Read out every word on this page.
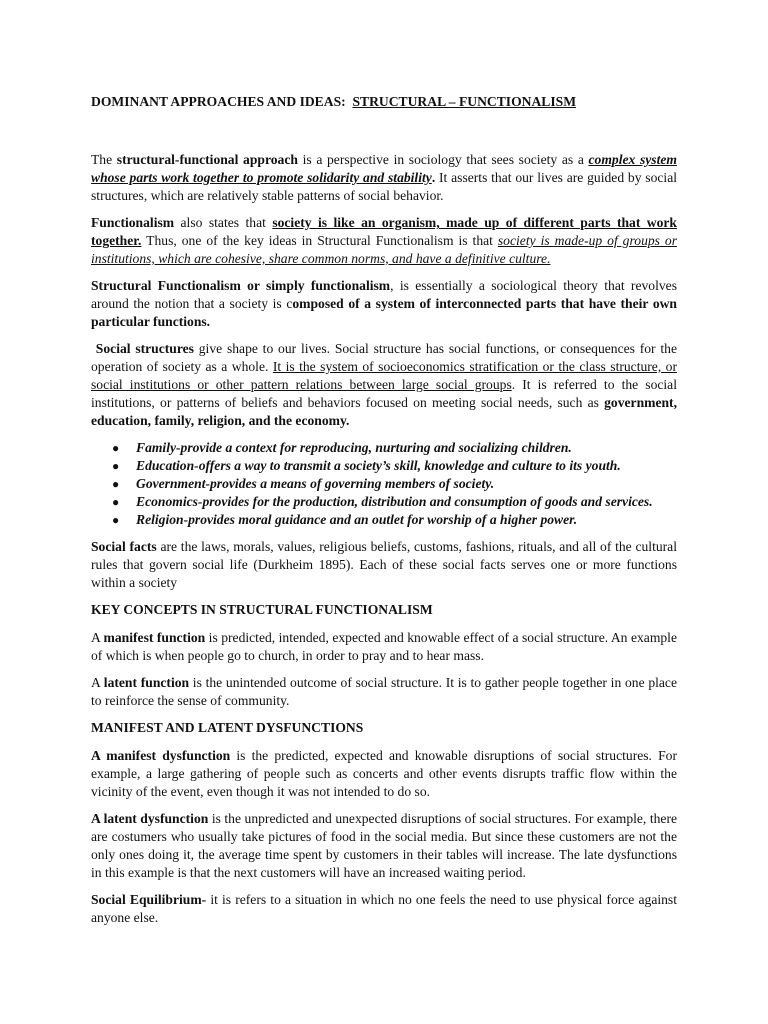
DOMINANT APPROACHES AND IDEAS: STRUCTURAL – FUNCTIONALISM

The structural-functional approach is a perspective in sociology that sees society as a complex system whose parts work together to promote solidarity and stability. It asserts that our lives are guided by social structures, which are relatively stable patterns of social behavior.

Functionalism also states that society is like an organism, made up of different parts that work together. Thus, one of the key ideas in Structural Functionalism is that society is made-up of groups or institutions, which are cohesive, share common norms, and have a definitive culture.

Structural Functionalism or simply functionalism, is essentially a sociological theory that revolves around the notion that a society is composed of a system of interconnected parts that have their own particular functions.

Social structures give shape to our lives. Social structure has social functions, or consequences for the operation of society as a whole. It is the system of socioeconomics stratification or the class structure, or social institutions or other pattern relations between large social groups. It is referred to the social institutions, or patterns of beliefs and behaviors focused on meeting social needs, such as government, education, family, religion, and the economy.

● Family-provide a context for reproducing, nurturing and socializing children.
● Education-offers a way to transmit a society’s skill, knowledge and culture to its youth.
● Government-provides a means of governing members of society.
● Economics-provides for the production, distribution and consumption of goods and services.
● Religion-provides moral guidance and an outlet for worship of a higher power.

Social facts are the laws, morals, values, religious beliefs, customs, fashions, rituals, and all of the cultural rules that govern social life (Durkheim 1895). Each of these social facts serves one or more functions within a society

KEY CONCEPTS IN STRUCTURAL FUNCTIONALISM

A manifest function is predicted, intended, expected and knowable effect of a social structure. An example of which is when people go to church, in order to pray and to hear mass.

A latent function is the unintended outcome of social structure. It is to gather people together in one place to reinforce the sense of community.

MANIFEST AND LATENT DYSFUNCTIONS

A manifest dysfunction is the predicted, expected and knowable disruptions of social structures. For example, a large gathering of people such as concerts and other events disrupts traffic flow within the vicinity of the event, even though it was not intended to do so.

A latent dysfunction is the unpredicted and unexpected disruptions of social structures. For example, there are costumers who usually take pictures of food in the social media. But since these customers are not the only ones doing it, the average time spent by customers in their tables will increase. The late dysfunctions in this example is that the next customers will have an increased waiting period.

Social Equilibrium- it is refers to a situation in which no one feels the need to use physical force against anyone else.
